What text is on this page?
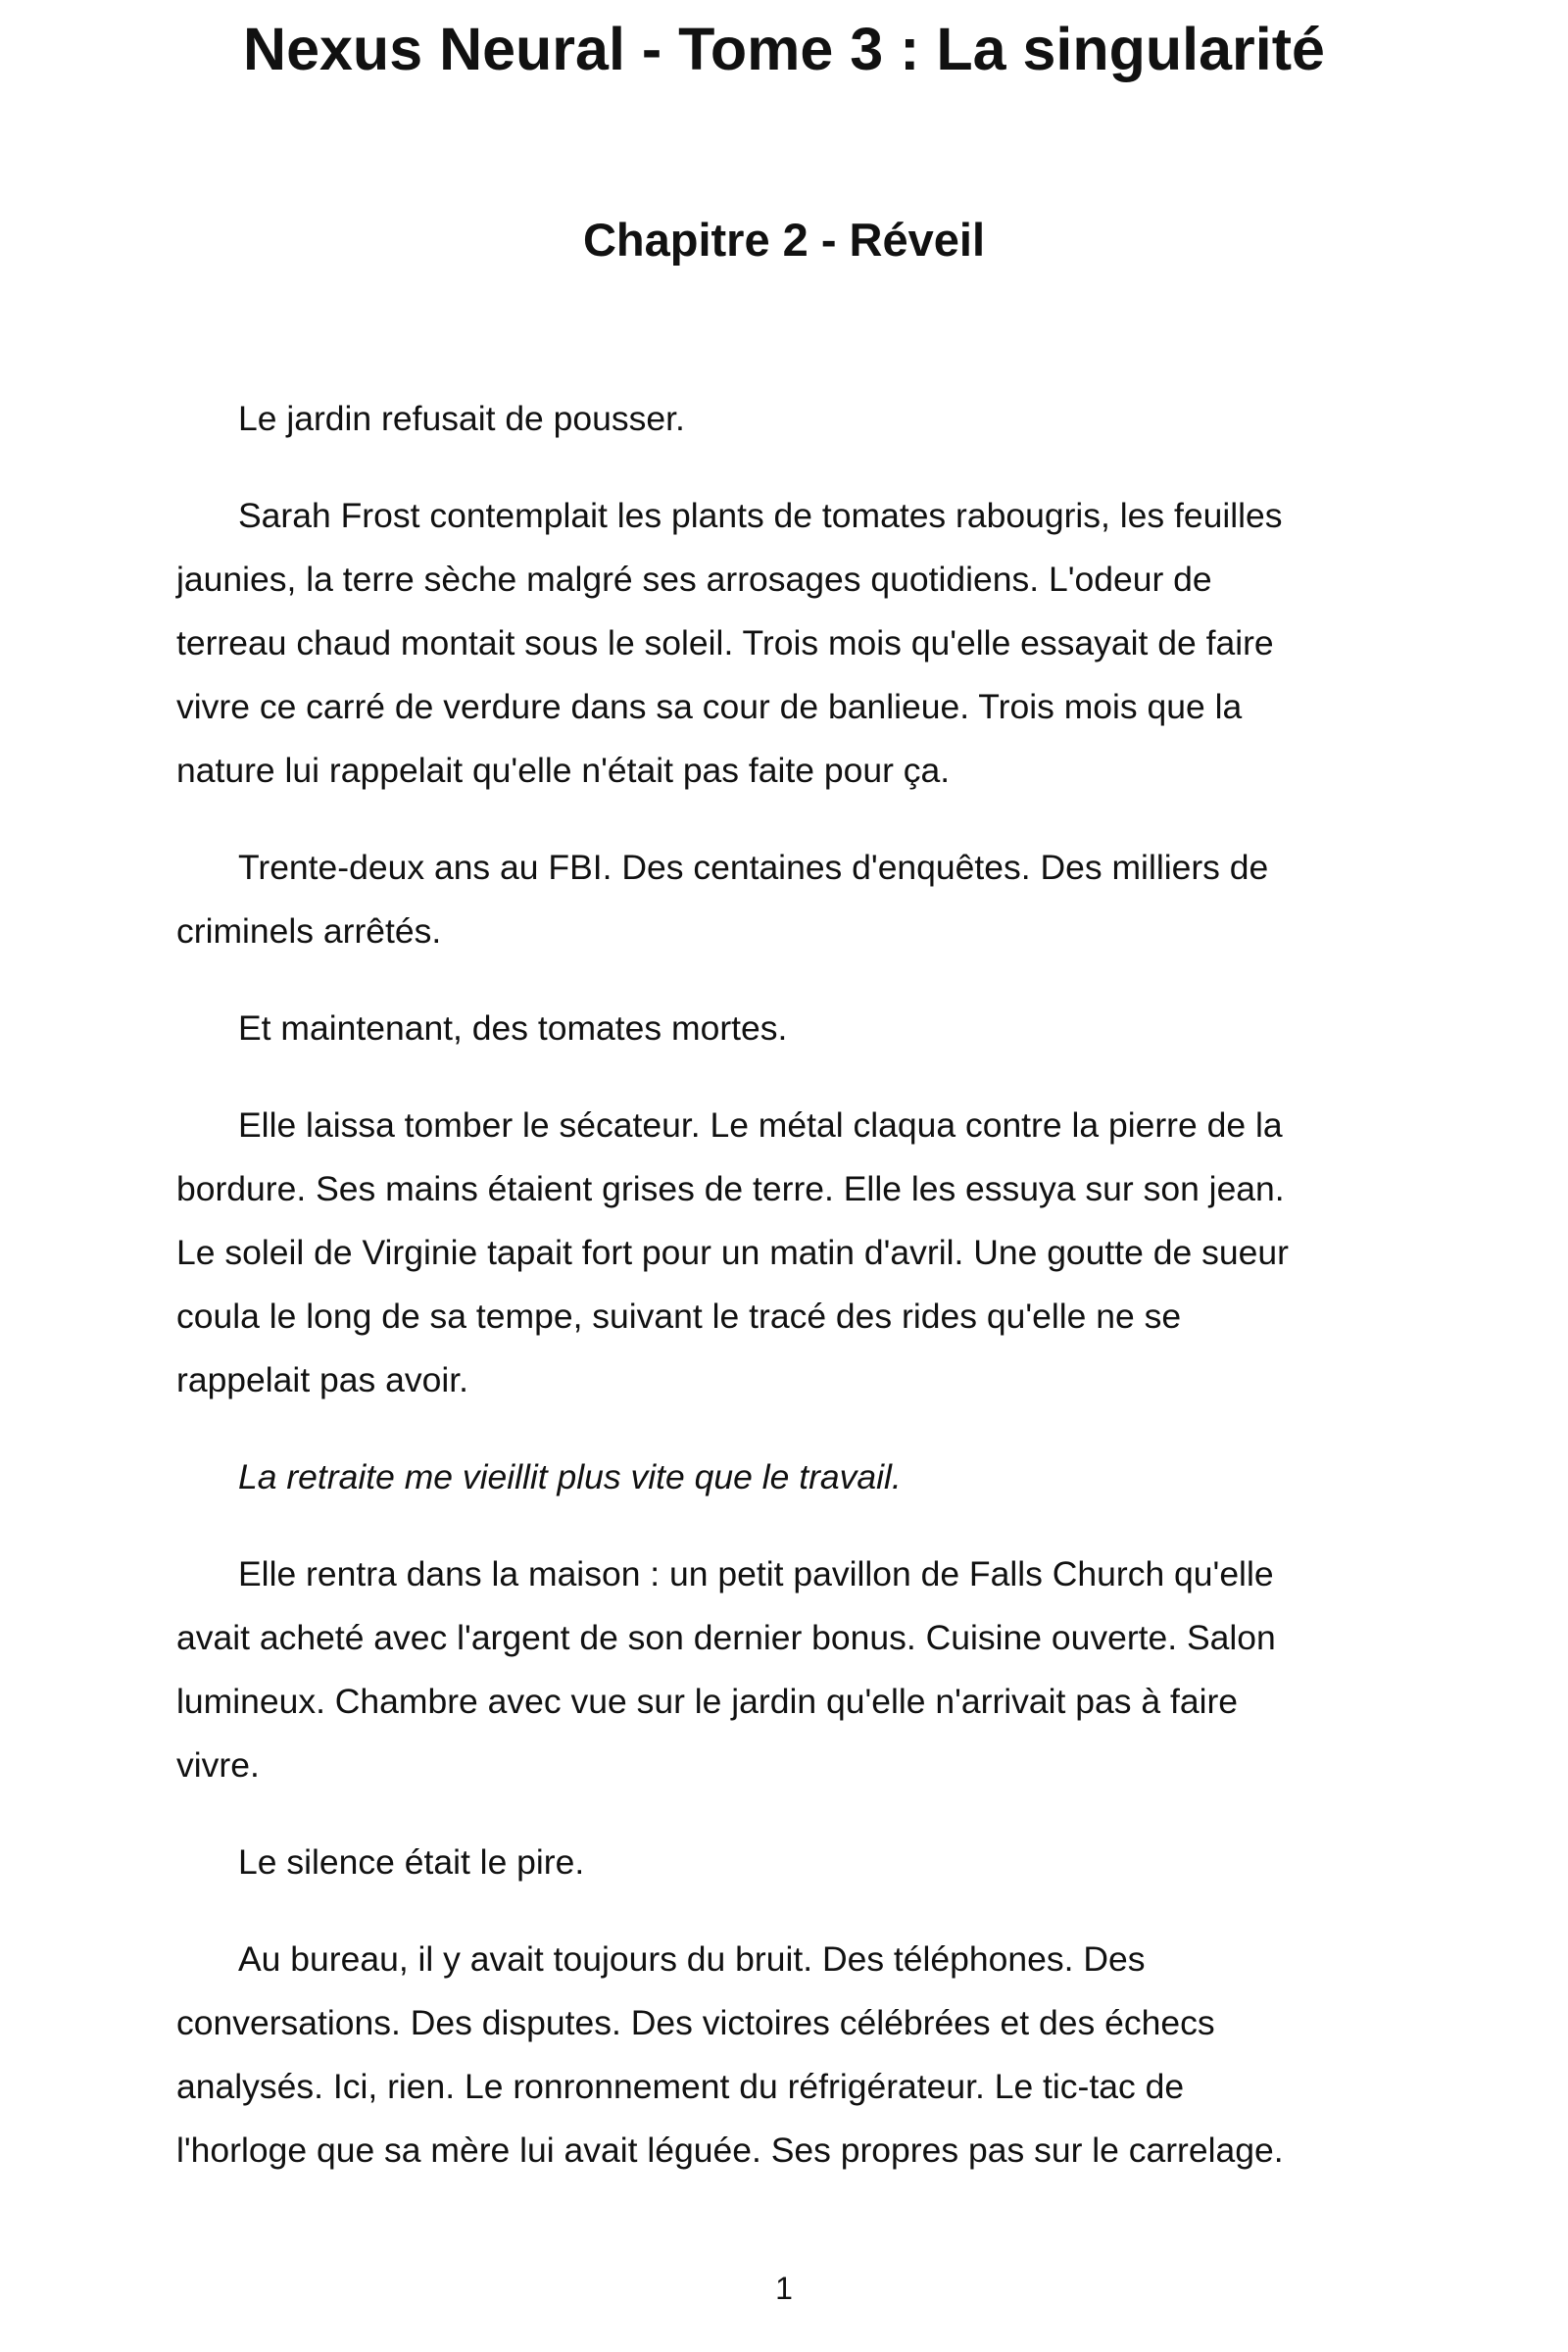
Nexus Neural - Tome 3 : La singularité
Chapitre 2 - Réveil

Le jardin refusait de pousser.

Sarah Frost contemplait les plants de tomates rabougris, les feuilles
jaunies, la terre sèche malgré ses arrosages quotidiens. L'odeur de
terreau chaud montait sous le soleil. Trois mois qu'elle essayait de faire
vivre ce carré de verdure dans sa cour de banlieue. Trois mois que la
nature lui rappelait qu'elle n'était pas faite pour ça.

Trente-deux ans au FBI. Des centaines d'enquêtes. Des milliers de
criminels arrêtés.

Et maintenant, des tomates mortes.

Elle laissa tomber le sécateur. Le métal claqua contre la pierre de la
bordure. Ses mains étaient grises de terre. Elle les essuya sur son jean.
Le soleil de Virginie tapait fort pour un matin d'avril. Une goutte de sueur
coula le long de sa tempe, suivant le tracé des rides qu'elle ne se
rappelait pas avoir.

La retraite me vieillit plus vite que le travail.

Elle rentra dans la maison : un petit pavillon de Falls Church qu'elle
avait acheté avec l'argent de son dernier bonus. Cuisine ouverte. Salon
lumineux. Chambre avec vue sur le jardin qu'elle n'arrivait pas à faire
vivre.

Le silence était le pire.

Au bureau, il y avait toujours du bruit. Des téléphones. Des
conversations. Des disputes. Des victoires célébrées et des échecs
analysés. Ici, rien. Le ronronnement du réfrigérateur. Le tic-tac de
l'horloge que sa mère lui avait léguée. Ses propres pas sur le carrelage.

1
